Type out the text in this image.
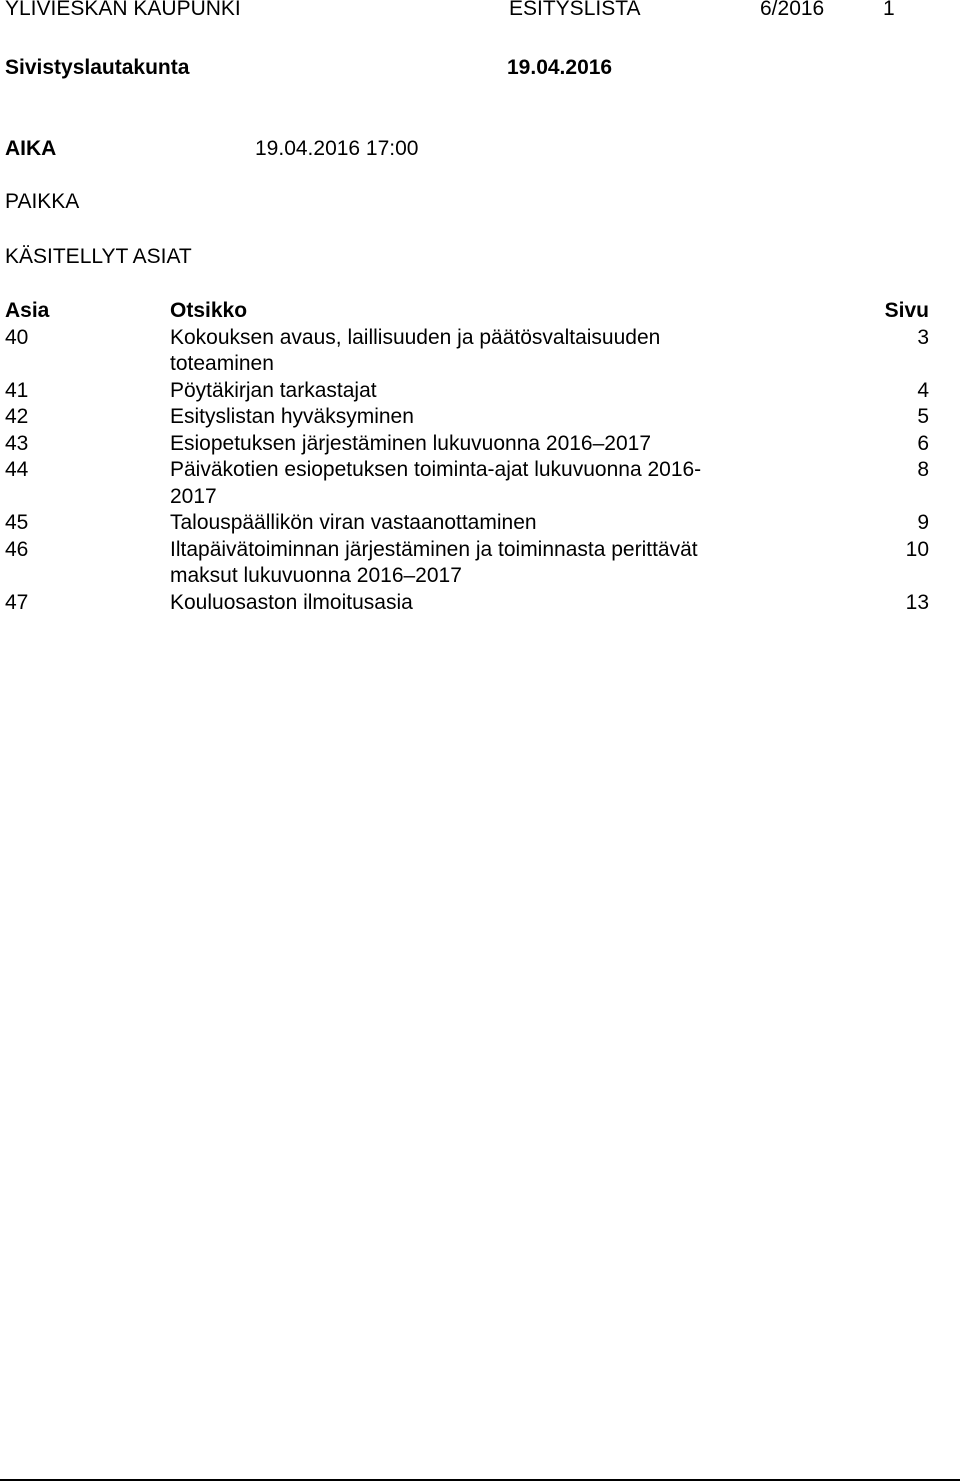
YLIVIESKAN KAUPUNKI	ESITYSLISTA	6/2016	1
Sivistyslautakunta	19.04.2016
AIKA	19.04.2016 17:00
PAIKKA
KÄSITELLYT ASIAT
Asia	Otsikko	Sivu
40	Kokouksen avaus, laillisuuden ja päätösvaltaisuuden toteaminen	3
41	Pöytäkirjan tarkastajat	4
42	Esityslistan hyväksyminen	5
43	Esiopetuksen järjestäminen lukuvuonna 2016–2017	6
44	Päiväkotien esiopetuksen toiminta-ajat lukuvuonna 2016-2017	8
45	Talouspäällikön viran vastaanottaminen	9
46	Iltapäivätoiminnan järjestäminen ja toiminnasta perittävät maksut lukuvuonna 2016–2017	10
47	Kouluosaston ilmoitusasia	13
